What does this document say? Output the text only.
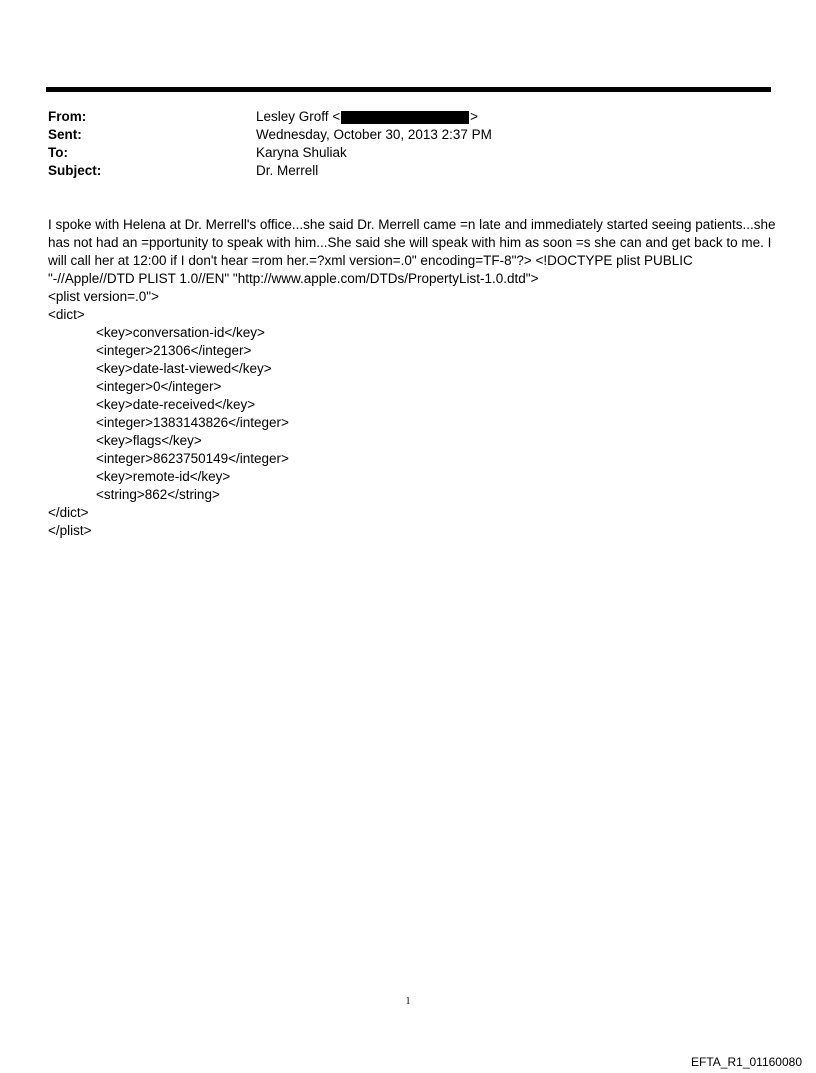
From:	Lesley Groff <	>
Sent:	Wednesday, October 30, 2013 2:37 PM
To:	Karyna Shuliak
Subject:	Dr. Merrell

I spoke with Helena at Dr. Merrell's office...she said Dr. Merrell came =n late and immediately started seeing patients...she has not had an =pportunity to speak with him...She said she will speak with him as soon =s she can and get back to me. I will call her at 12:00 if I don't hear =rom her.=?xml version=.0" encoding=TF-8"?> <!DOCTYPE plist PUBLIC "-//Apple//DTD PLIST 1.0//EN" "http://www.apple.com/DTDs/PropertyList-1.0.dtd">

<plist version=.0">
<dict>
<key>conversation-id</key>
<integer>21306</integer>
<key>date-last-viewed</key>
<integer>0</integer>
<key>date-received</key>
<integer>1383143826</integer>
<key>flags</key>
<integer>8623750149</integer>
<key>remote-id</key>
<string>862</string>
</dict>
</plist>
1
EFTA_R1_01160080
